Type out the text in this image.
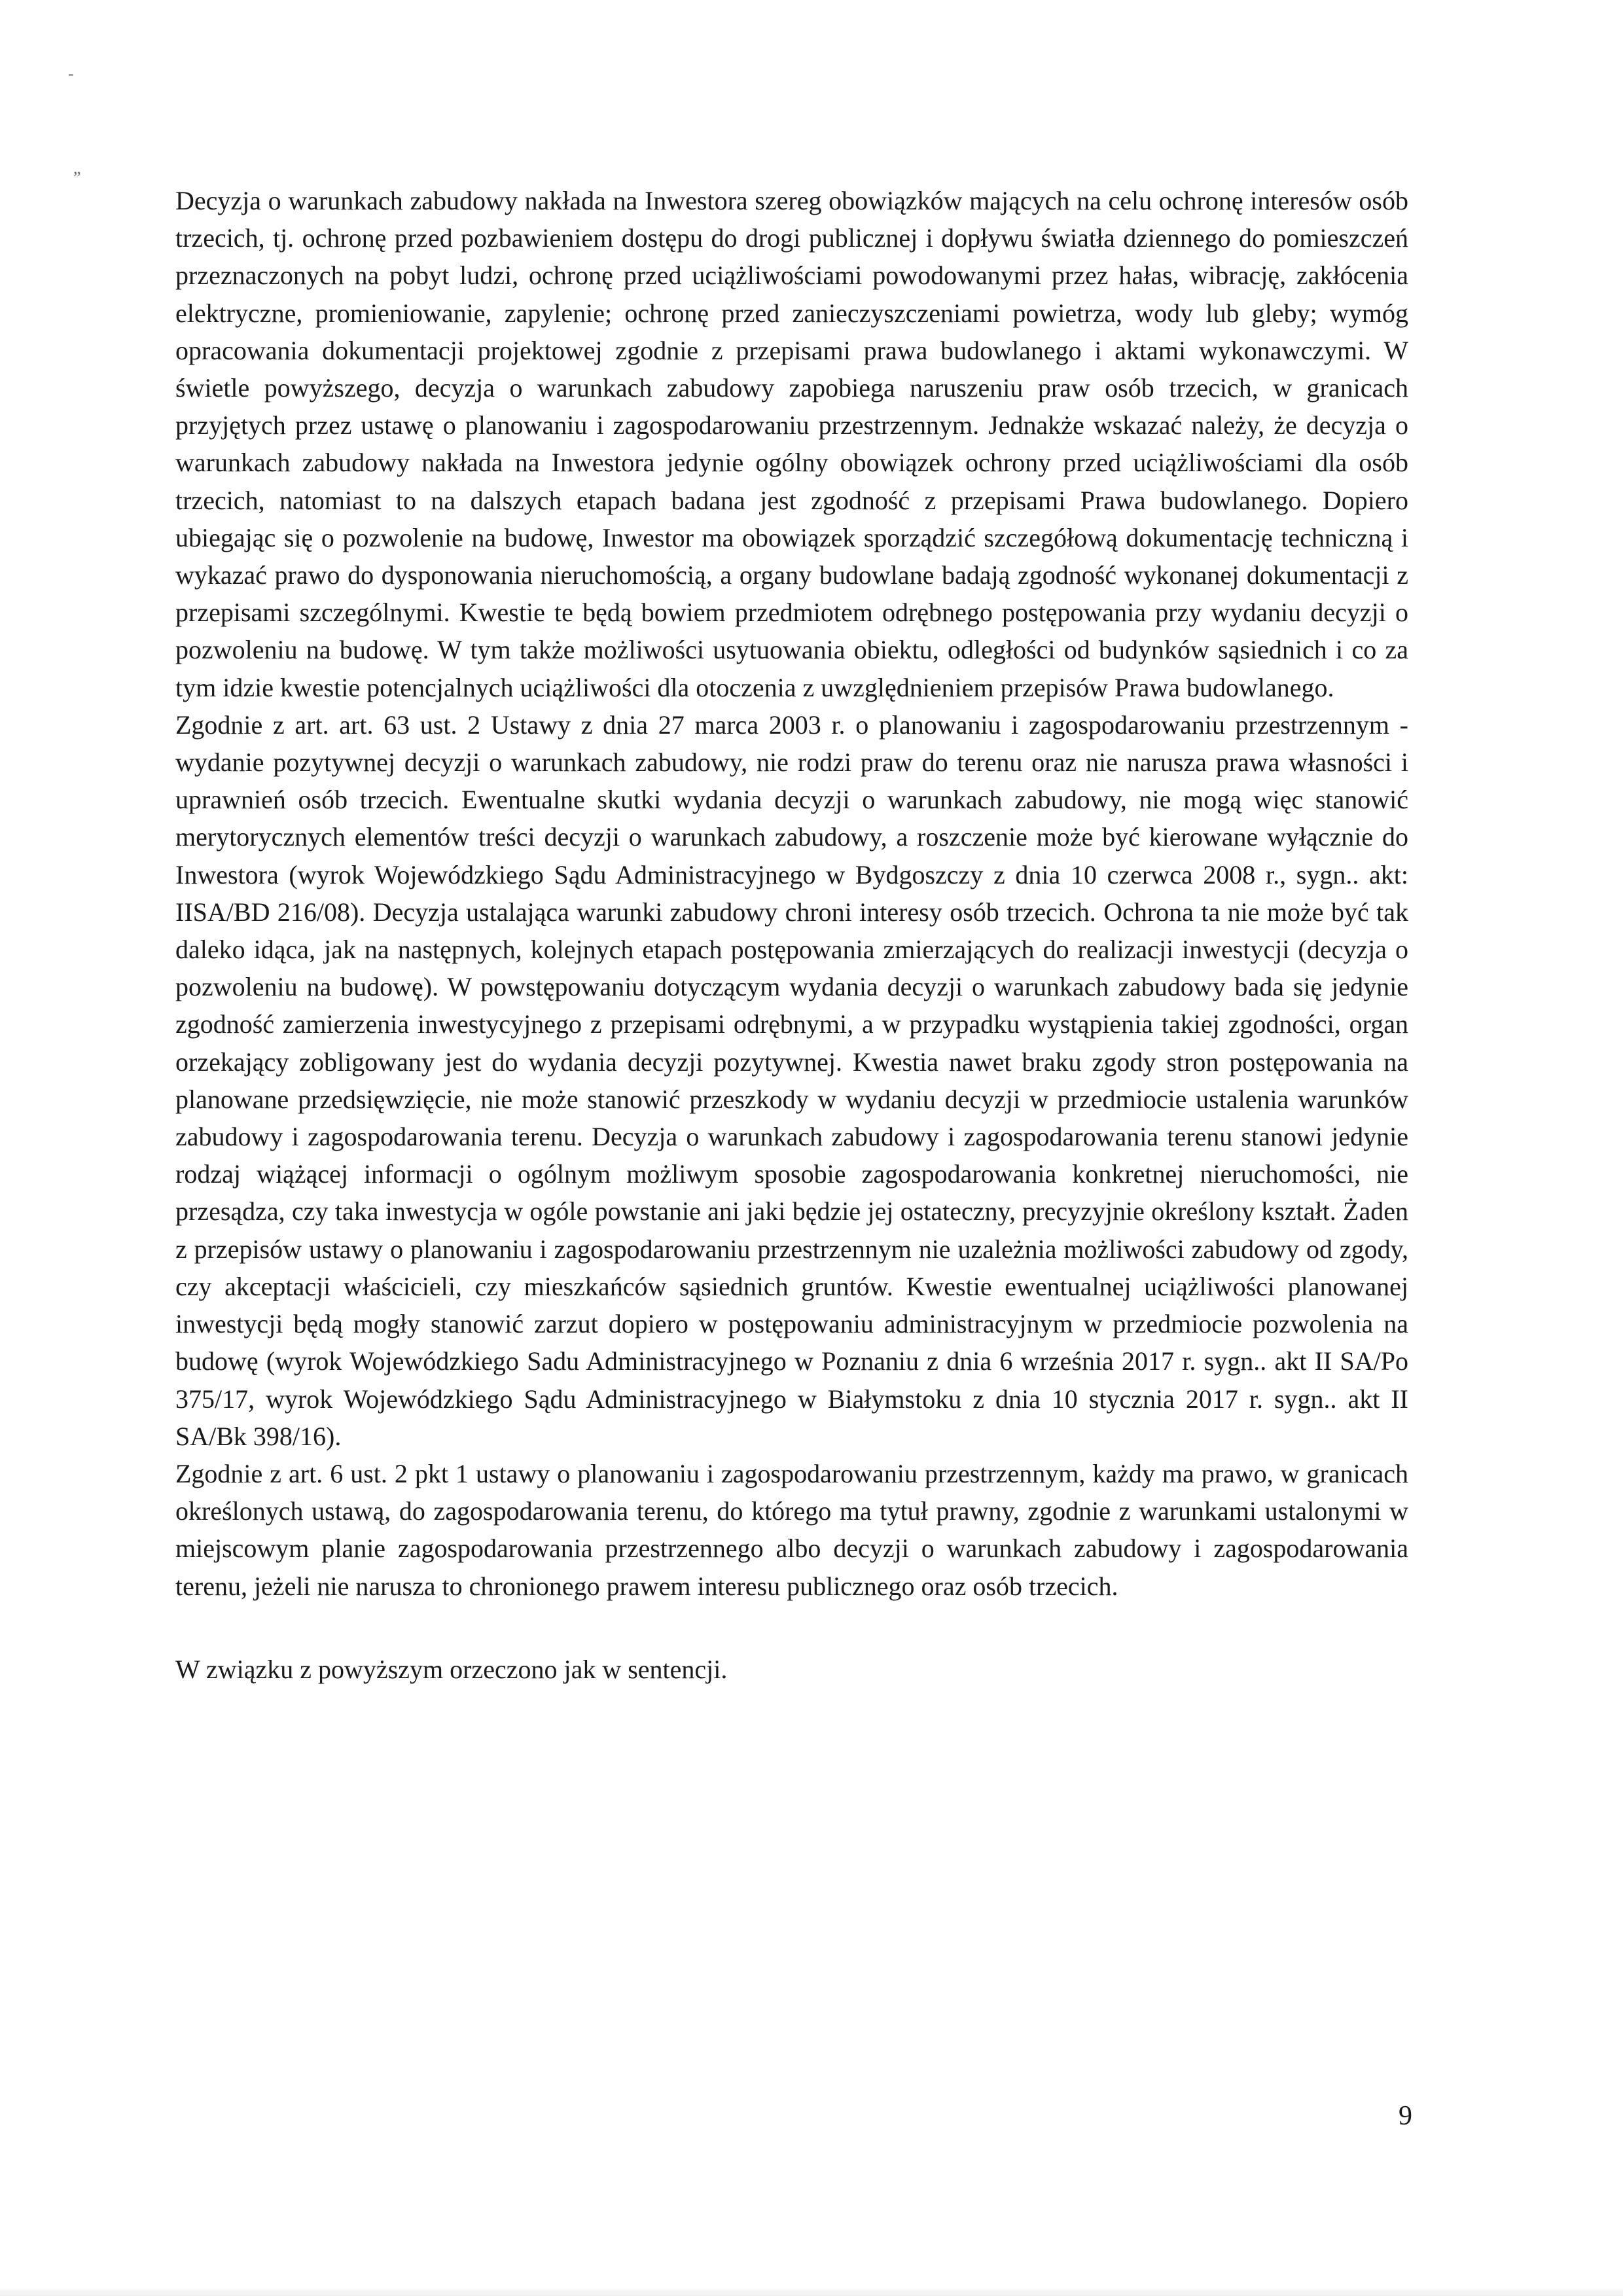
-
„

Decyzja o warunkach zabudowy nakłada na Inwestora szereg obowiązków mających na celu ochronę interesów osób trzecich, tj. ochronę przed pozbawieniem dostępu do drogi publicznej i dopływu światła dziennego do pomieszczeń przeznaczonych na pobyt ludzi, ochronę przed uciążliwościami powodowanymi przez hałas, wibrację, zakłócenia elektryczne, promieniowanie, zapylenie; ochronę przed zanieczyszczeniami powietrza, wody lub gleby; wymóg opracowania dokumentacji projektowej zgodnie z przepisami prawa budowlanego i aktami wykonawczymi. W świetle powyższego, decyzja o warunkach zabudowy zapobiega naruszeniu praw osób trzecich, w granicach przyjętych przez ustawę o planowaniu i zagospodarowaniu przestrzennym. Jednakże wskazać należy, że decyzja o warunkach zabudowy nakłada na Inwestora jedynie ogólny obowiązek ochrony przed uciążliwościami dla osób trzecich, natomiast to na dalszych etapach badana jest zgodność z przepisami Prawa budowlanego. Dopiero ubiegając się o pozwolenie na budowę, Inwestor ma obowiązek sporządzić szczegółową dokumentację techniczną i wykazać prawo do dysponowania nieruchomością, a organy budowlane badają zgodność wykonanej dokumentacji z przepisami szczególnymi. Kwestie te będą bowiem przedmiotem odrębnego postępowania przy wydaniu decyzji o pozwoleniu na budowę. W tym także możliwości usytuowania obiektu, odległości od budynków sąsiednich i co za tym idzie kwestie potencjalnych uciążliwości dla otoczenia z uwzględnieniem przepisów Prawa budowlanego.

Zgodnie z art. art. 63 ust. 2 Ustawy z dnia 27 marca 2003 r. o planowaniu i zagospodarowaniu przestrzennym - wydanie pozytywnej decyzji o warunkach zabudowy, nie rodzi praw do terenu oraz nie narusza prawa własności i uprawnień osób trzecich. Ewentualne skutki wydania decyzji o warunkach zabudowy, nie mogą więc stanowić merytorycznych elementów treści decyzji o warunkach zabudowy, a roszczenie może być kierowane wyłącznie do Inwestora (wyrok Wojewódzkiego Sądu Administracyjnego w Bydgoszczy z dnia 10 czerwca 2008 r., sygn.. akt: IISA/BD 216/08). Decyzja ustalająca warunki zabudowy chroni interesy osób trzecich. Ochrona ta nie może być tak daleko idąca, jak na następnych, kolejnych etapach postępowania zmierzających do realizacji inwestycji (decyzja o pozwoleniu na budowę). W powstępowaniu dotyczącym wydania decyzji o warunkach zabudowy bada się jedynie zgodność zamierzenia inwestycyjnego z przepisami odrębnymi, a w przypadku wystąpienia takiej zgodności, organ orzekający zobligowany jest do wydania decyzji pozytywnej. Kwestia nawet braku zgody stron postępowania na planowane przedsięwzięcie, nie może stanowić przeszkody w wydaniu decyzji w przedmiocie ustalenia warunków zabudowy i zagospodarowania terenu. Decyzja o warunkach zabudowy i zagospodarowania terenu stanowi jedynie rodzaj wiążącej informacji o ogólnym możliwym sposobie zagospodarowania konkretnej nieruchomości, nie przesądza, czy taka inwestycja w ogóle powstanie ani jaki będzie jej ostateczny, precyzyjnie określony kształt. Żaden z przepisów ustawy o planowaniu i zagospodarowaniu przestrzennym nie uzależnia możliwości zabudowy od zgody, czy akceptacji właścicieli, czy mieszkańców sąsiednich gruntów. Kwestie ewentualnej uciążliwości planowanej inwestycji będą mogły stanowić zarzut dopiero w postępowaniu administracyjnym w przedmiocie pozwolenia na budowę (wyrok Wojewódzkiego Sadu Administracyjnego w Poznaniu z dnia 6 września 2017 r. sygn.. akt II SA/Po 375/17, wyrok Wojewódzkiego Sądu Administracyjnego w Białymstoku z dnia 10 stycznia 2017 r. sygn.. akt II SA/Bk 398/16).

Zgodnie z art. 6 ust. 2 pkt 1 ustawy o planowaniu i zagospodarowaniu przestrzennym, każdy ma prawo, w granicach określonych ustawą, do zagospodarowania terenu, do którego ma tytuł prawny, zgodnie z warunkami ustalonymi w miejscowym planie zagospodarowania przestrzennego albo decyzji o warunkach zabudowy i zagospodarowania terenu, jeżeli nie narusza to chronionego prawem interesu publicznego oraz osób trzecich.

W związku z powyższym orzeczono jak w sentencji.

9
